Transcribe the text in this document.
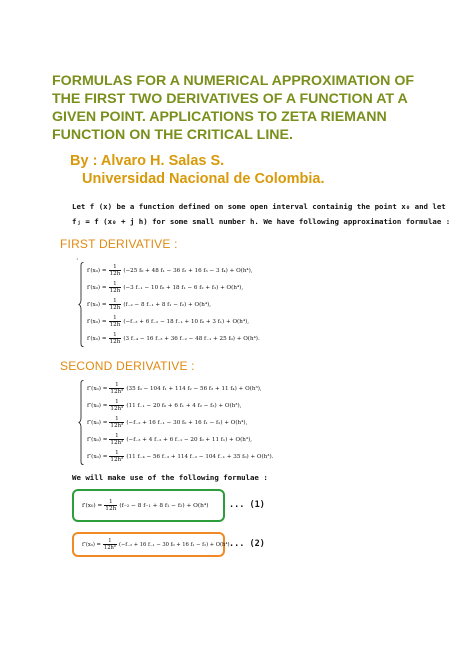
FORMULAS FOR A NUMERICAL APPROXIMATION OF
THE FIRST TWO DERIVATIVES OF A FUNCTION AT A
GIVEN POINT. APPLICATIONS TO ZETA RIEMANN
FUNCTION ON THE CRITICAL LINE.
By : Alvaro H. Salas S.
Universidad Nacional de Colombia.
Let f (x) be a function defined on some open interval containig the point x₀ and let
fⱼ = f (x₀ + j h) for some small number h. We have following approximation formulae :
FIRST DERIVATIVE :
·
$f'(x_0) = \frac{1}{12h} (-25$ f₀ + 48 f₁ − 36 f₂ + 16 f₃ − 3 f₄) + O(h⁴),
$f'(x_0) = \frac{1}{12h} (-3$ f₋₁ − 10 f₀ + 18 f₁ − 6 f₂ + f₃) + O(h⁴),
$f'(x_0) = \frac{1}{12h} (f_{-2} - 8$ f₋₁ + 8 f₁ − f₂) + O(h⁴),
$f'(x_0) = \frac{1}{12h} (-f_{-3} + 6$ f₋₂ − 18 f₋₁ + 10 f₀ + 3 f₁) + O(h⁴),
$f'(x_0) = \frac{1}{12h} (3$ f₋₄ − 16 f₋₃ + 36 f₋₂ − 48 f₋₁ + 25 f₀) + O(h⁴).
SECOND DERIVATIVE :
$f''(x_0) = \frac{1}{\text{12h²}} (35$ f₀ − 104 f₁ + 114 f₂ − 56 f₃ + 11 f₄) + O(h³),
$f''(x_0) = \frac{1}{\text{12h²}} (11$ f₋₁ − 20 f₀ + 6 f₁ + 4 f₂ − f₃) + O(h³),
$f''(x_0) = \frac{1}{\text{12h²}} (-f_{-2} + 16$ f₋₁ − 30 f₀ + 16 f₁ − f₂) + O(h⁴),
$f''(x_0) = \frac{1}{\text{12h²}} (-f_{-3} + 4$ f₋₂ + 6 f₋₁ − 20 f₀ + 11 f₁) + O(h³),
$f''(x_0) = \frac{1}{\text{12h²}} (11$ f₋₄ − 56 f₋₃ + 114 f₋₂ − 104 f₋₁ + 35 f₀) + O(h³).
We will make use of the following formulae :
$f'(x_0) = \frac{1}{12h} (f_{-2} - 8$ f₋₁ + 8 f₁ − f₂) + O(h⁴) ... (1)
$f''(x_0) = \frac{1}{\text{12h²}} (-f_{-2} + 16$ f₋₁ − 30 f₀ + 16 f₁ − f₂) + O(h⁴) ... (2)
